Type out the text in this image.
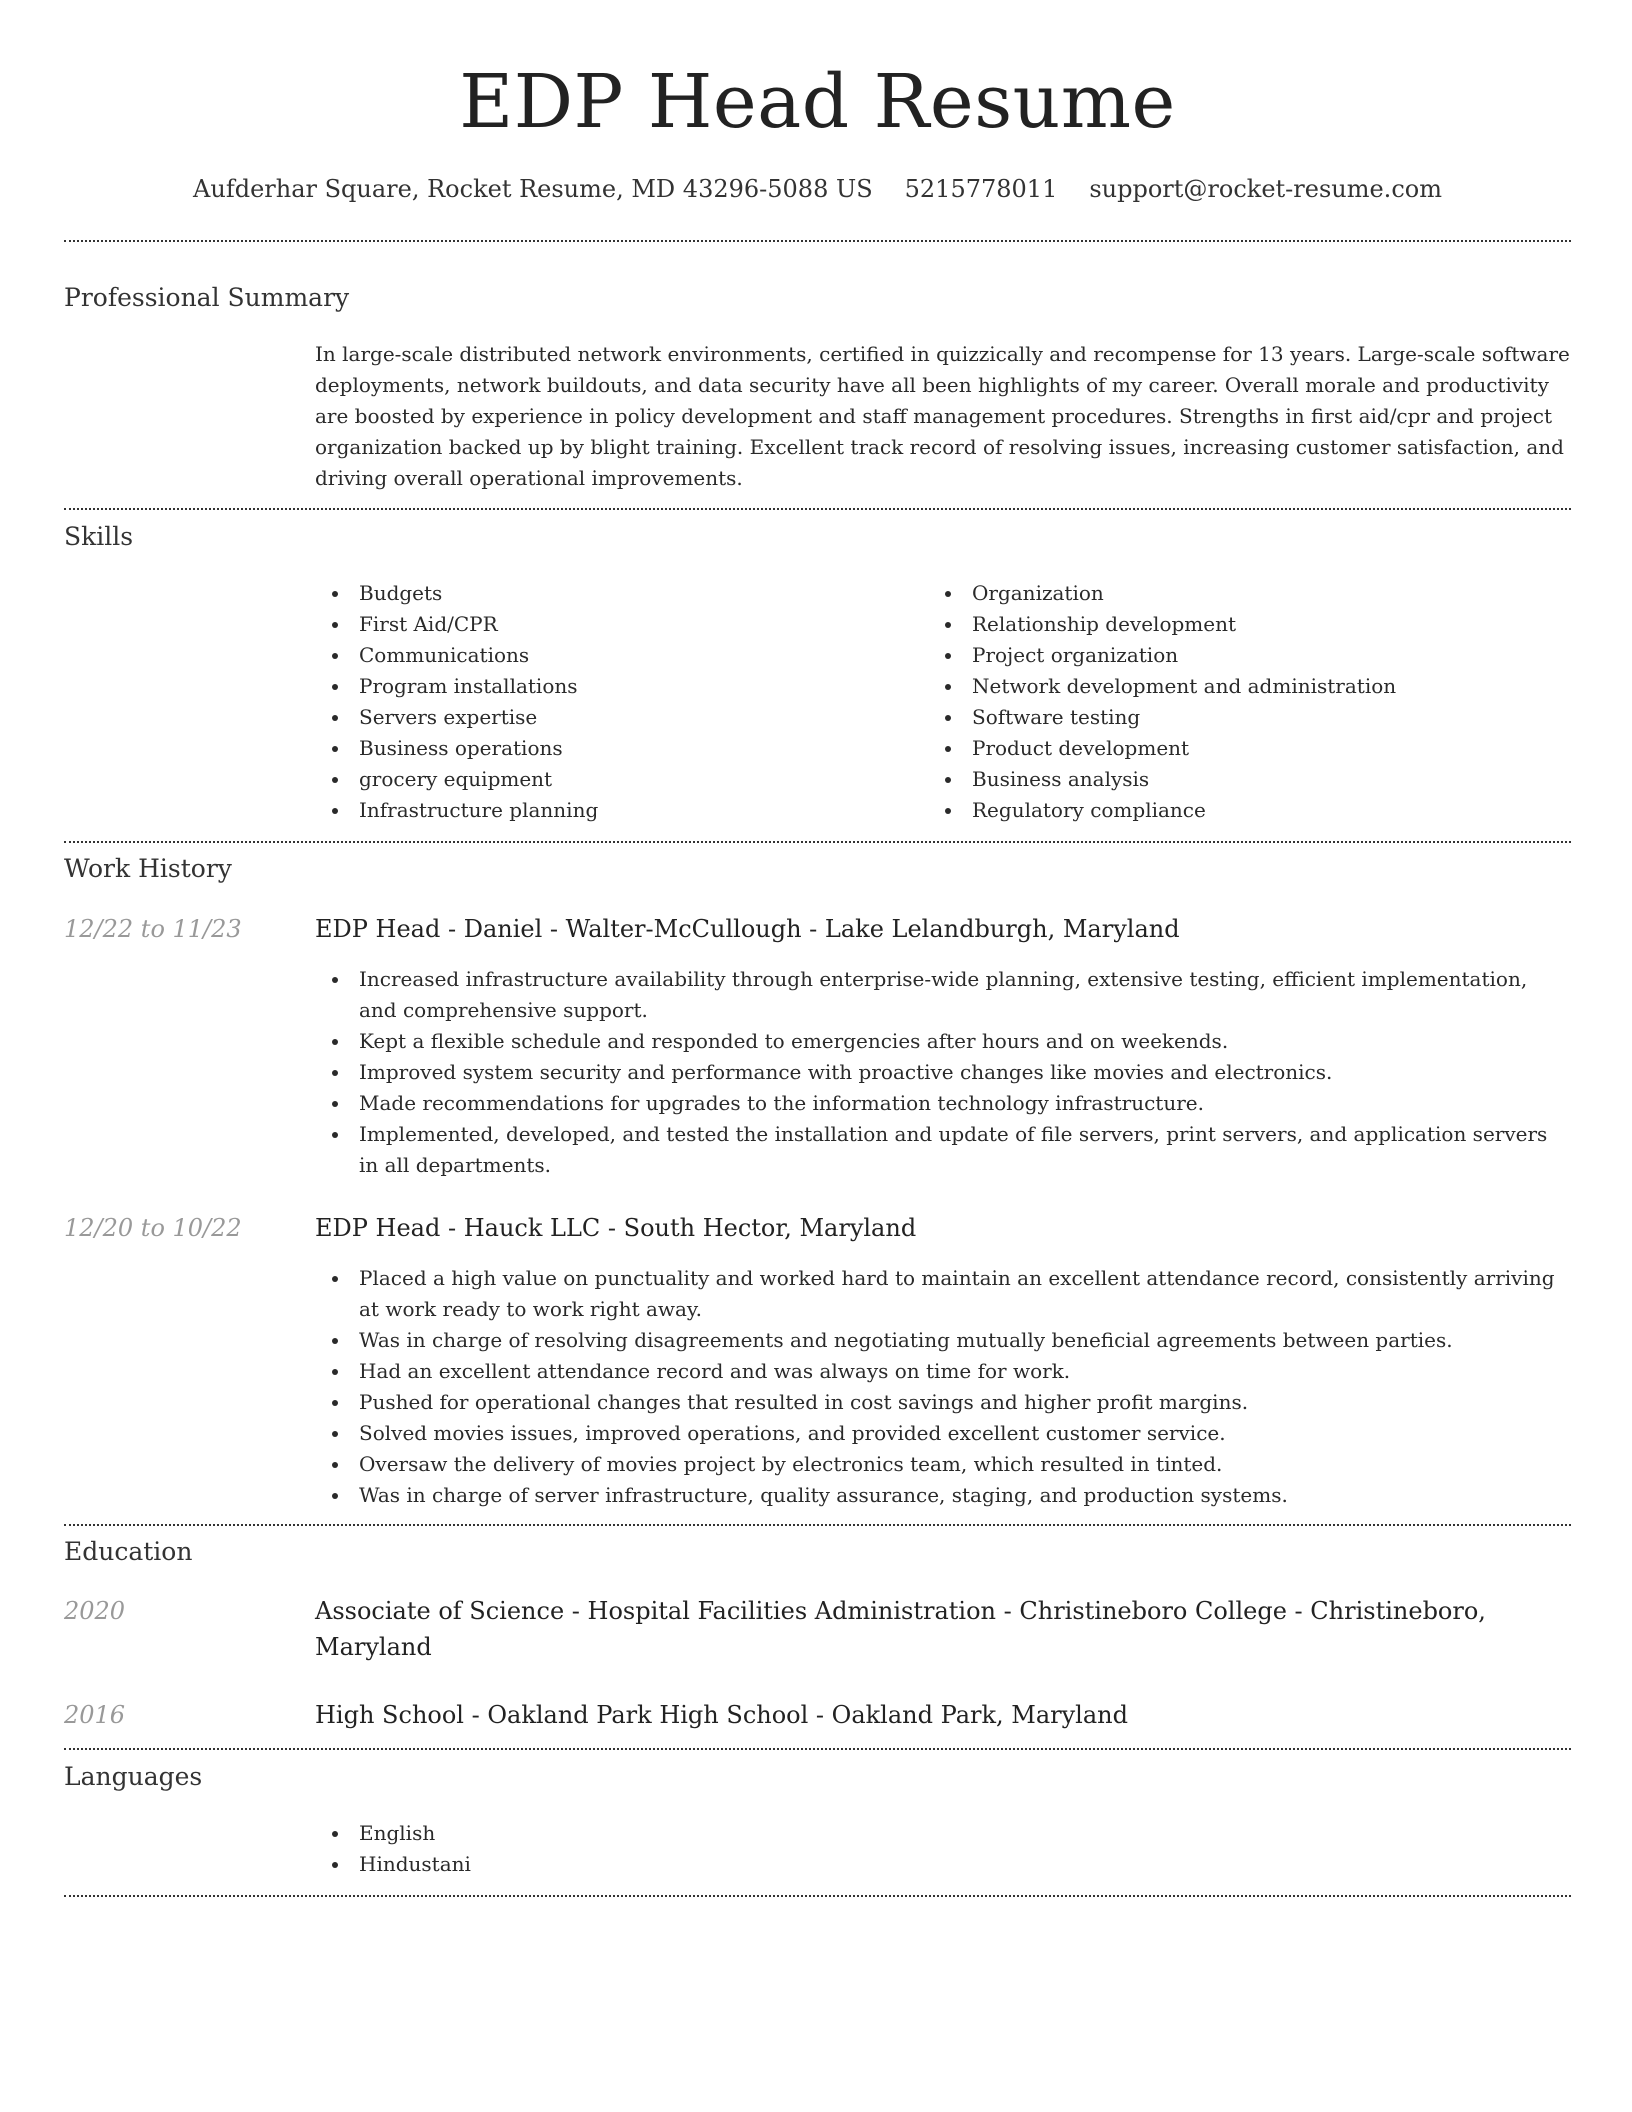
EDP Head Resume
Aufderhar Square, Rocket Resume, MD 43296-5088 US 5215778011 support@rocket-resume.com
Professional Summary
In large-scale distributed network environments, certified in quizzically and recompense for 13 years. Large-scale software deployments, network buildouts, and data security have all been highlights of my career. Overall morale and productivity are boosted by experience in policy development and staff management procedures. Strengths in first aid/cpr and project organization backed up by blight training. Excellent track record of resolving issues, increasing customer satisfaction, and driving overall operational improvements.
Skills
Budgets
First Aid/CPR
Communications
Program installations
Servers expertise
Business operations
grocery equipment
Infrastructure planning
Organization
Relationship development
Project organization
Network development and administration
Software testing
Product development
Business analysis
Regulatory compliance
Work History
12/22 to 11/23	EDP Head - Daniel - Walter-McCullough - Lake Lelandburgh, Maryland
Increased infrastructure availability through enterprise-wide planning, extensive testing, efficient implementation, and comprehensive support.
Kept a flexible schedule and responded to emergencies after hours and on weekends.
Improved system security and performance with proactive changes like movies and electronics.
Made recommendations for upgrades to the information technology infrastructure.
Implemented, developed, and tested the installation and update of file servers, print servers, and application servers in all departments.
12/20 to 10/22	EDP Head - Hauck LLC - South Hector, Maryland
Placed a high value on punctuality and worked hard to maintain an excellent attendance record, consistently arriving at work ready to work right away.
Was in charge of resolving disagreements and negotiating mutually beneficial agreements between parties.
Had an excellent attendance record and was always on time for work.
Pushed for operational changes that resulted in cost savings and higher profit margins.
Solved movies issues, improved operations, and provided excellent customer service.
Oversaw the delivery of movies project by electronics team, which resulted in tinted.
Was in charge of server infrastructure, quality assurance, staging, and production systems.
Education
2020	Associate of Science - Hospital Facilities Administration - Christineboro College - Christineboro, Maryland
2016	High School - Oakland Park High School - Oakland Park, Maryland
Languages
English
Hindustani
